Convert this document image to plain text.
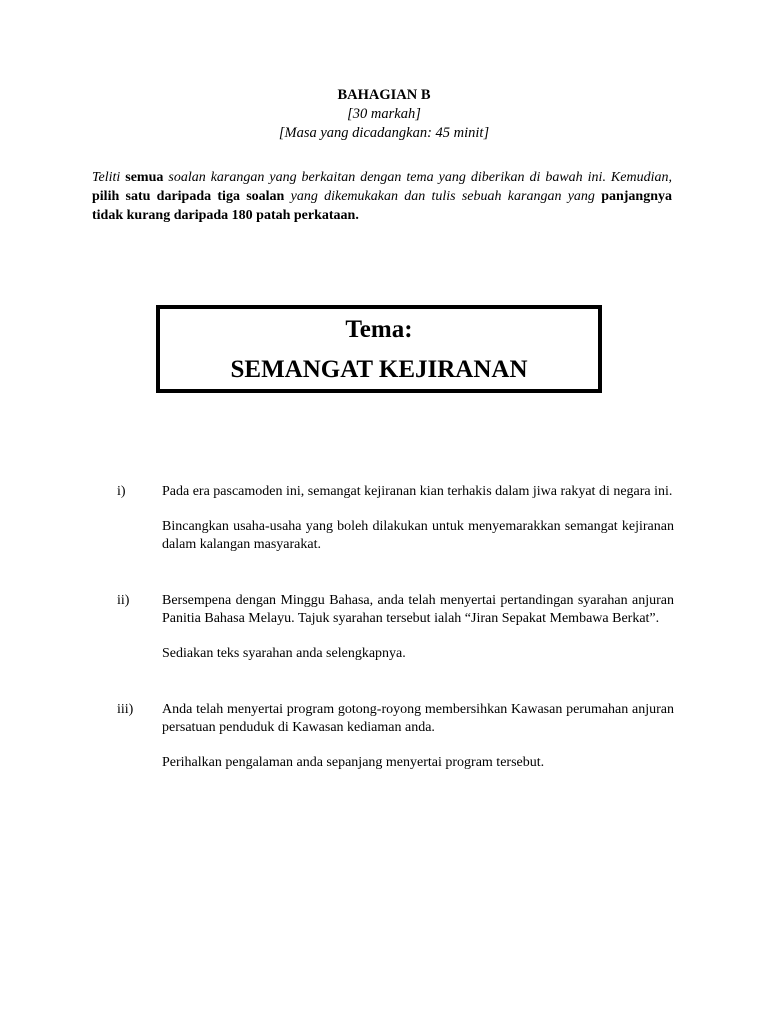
BAHAGIAN B
[30 markah]
[Masa yang dicadangkan: 45 minit]
Teliti semua soalan karangan yang berkaitan dengan tema yang diberikan di bawah ini. Kemudian, pilih satu daripada tiga soalan yang dikemukakan dan tulis sebuah karangan yang panjangnya tidak kurang daripada 180 patah perkataan.
Tema:
SEMANGAT KEJIRANAN
i)	Pada era pascamoden ini, semangat kejiranan kian terhakis dalam jiwa rakyat di negara ini.

Bincangkan usaha-usaha yang boleh dilakukan untuk menyemarakkan semangat kejiranan dalam kalangan masyarakat.

ii) Bersempena dengan Minggu Bahasa, anda telah menyertai pertandingan syarahan anjuran Panitia Bahasa Melayu. Tajuk syarahan tersebut ialah “Jiran Sepakat Membawa Berkat”.

Sediakan teks syarahan anda selengkapnya.

iii) Anda telah menyertai program gotong-royong membersihkan Kawasan perumahan anjuran persatuan penduduk di Kawasan kediaman anda.

Perihalkan pengalaman anda sepanjang menyertai program tersebut.
